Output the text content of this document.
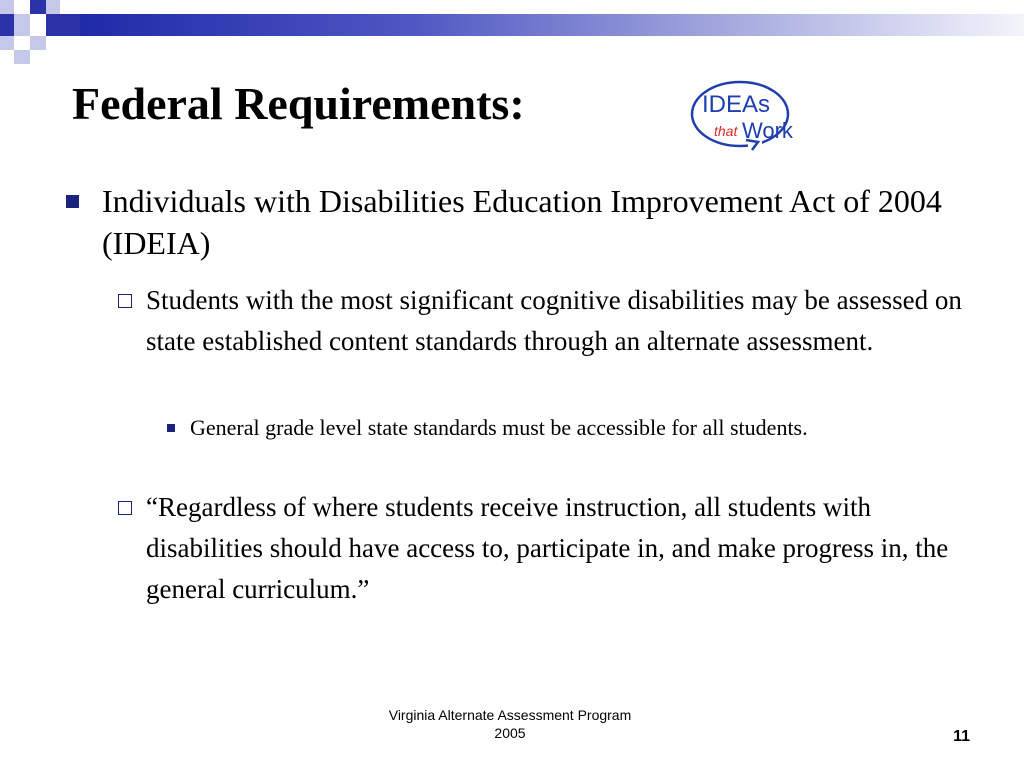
Federal Requirements:	IDEAs
that Work
Individuals with Disabilities Education Improvement Act of 2004 (IDEIA)
Students with the most significant cognitive disabilities may be assessed on state established content standards through an alternate assessment.
General grade level state standards must be accessible for all students.
“Regardless of where students receive instruction, all students with disabilities should have access to, participate in, and make progress in, the general curriculum.”
Virginia Alternate Assessment Program
2005	11
